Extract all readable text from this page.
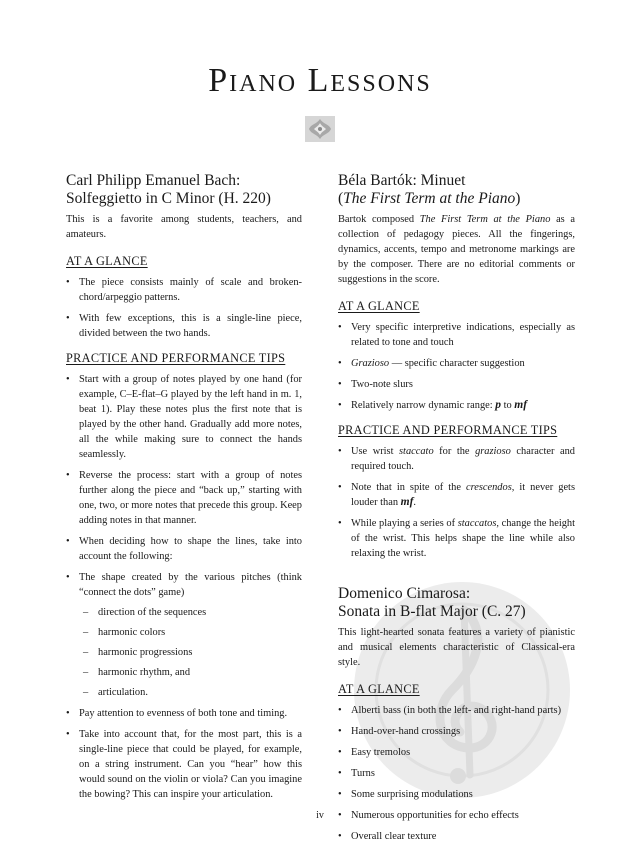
Piano Lessons
Carl Philipp Emanuel Bach:
Solfeggietto in C Minor (H. 220)

This is a favorite among students, teachers, and amateurs.

AT A GLANCE
• The piece consists mainly of scale and broken-chord/arpeggio patterns.
• With few exceptions, this is a single-line piece, divided between the two hands.
PRACTICE AND PERFORMANCE TIPS
• Start with a group of notes played by one hand (for example, C–E-flat–G played by the left hand in m. 1, beat 1). Play these notes plus the first note that is played by the other hand. Gradually add more notes, all the while making sure to connect the hands seamlessly.
• Reverse the process: start with a group of notes further along the piece and “back up,” starting with one, two, or more notes that precede this group. Keep adding notes in that manner.
• When deciding how to shape the lines, take into account the following:
• The shape created by the various pitches (think “connect the dots” game)
– direction of the sequences
– harmonic colors
– harmonic progressions
– harmonic rhythm, and
– articulation.
• Pay attention to evenness of both tone and timing.
• Take into account that, for the most part, this is a single-line piece that could be played, for example, on a string instrument. Can you “hear” how this would sound on the violin or viola? Can you imagine the bowing? This can inspire your articulation.
Béla Bartók: Minuet
(The First Term at the Piano)

Bartok composed The First Term at the Piano as a collection of pedagogy pieces. All the fingerings, dynamics, accents, tempo and metronome markings are by the composer. There are no editorial comments or suggestions in the score.

AT A GLANCE
• Very specific interpretive indications, especially as related to tone and touch
• Grazioso — specific character suggestion
• Two-note slurs
• Relatively narrow dynamic range: p to mf
PRACTICE AND PERFORMANCE TIPS
• Use wrist staccato for the grazioso character and required touch.
• Note that in spite of the crescendos, it never gets louder than mf.
• While playing a series of staccatos, change the height of the wrist. This helps shape the line while also relaxing the wrist.
Domenico Cimarosa:
Sonata in B-flat Major (C. 27)

This light-hearted sonata features a variety of pianistic and musical elements characteristic of Classical-era style.

AT A GLANCE
• Alberti bass (in both the left- and right-hand parts)
• Hand-over-hand crossings
• Easy tremolos
• Turns
• Some surprising modulations
• Numerous opportunities for echo effects
• Overall clear texture
iv
